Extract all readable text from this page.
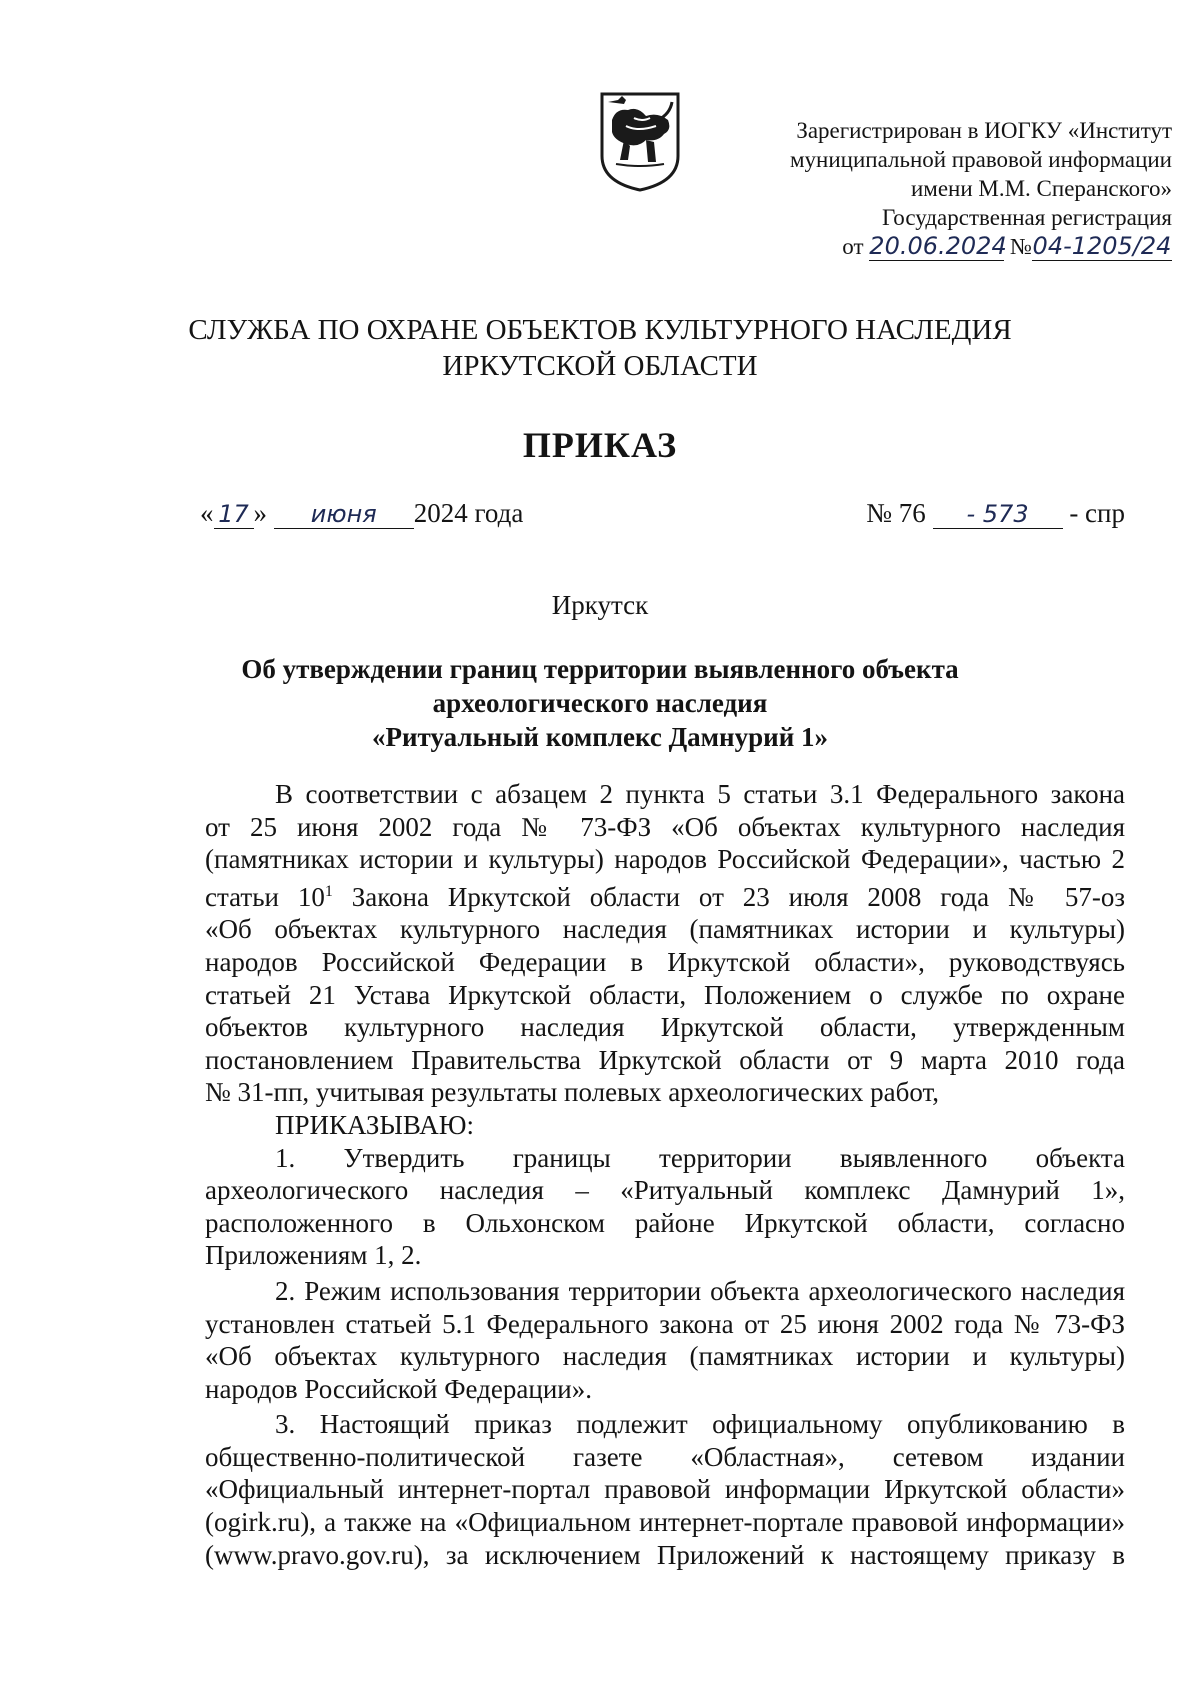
Зарегистрирован в ИОГКУ «Институт
муниципальной правовой информации
имени М.М. Сперанского»
Государственная регистрация
от 20.06.2024 №04-1205/24
СЛУЖБА ПО ОХРАНЕ ОБЪЕКТОВ КУЛЬТУРНОГО НАСЛЕДИЯ
ИРКУТСКОЙ ОБЛАСТИ
ПРИКАЗ
« 17 » июня 2024 года	№ 76 - 573 - спр
Иркутск
Об утверждении границ территории выявленного объекта
археологического наследия
«Ритуальный комплекс Дамнурий 1»
В соответствии с абзацем 2 пункта 5 статьи 3.1 Федерального закона
от 25 июня 2002 года № 73-ФЗ «Об объектах культурного наследия
(памятниках истории и культуры) народов Российской Федерации», частью 2
статьи $10^1$ Закона Иркутской области от 23 июля 2008 года № 57-оз
«Об объектах культурного наследия (памятниках истории и культуры)
народов Российской Федерации в Иркутской области», руководствуясь
статьей 21 Устава Иркутской области, Положением о службе по охране
объектов культурного наследия Иркутской области, утвержденным
постановлением Правительства Иркутской области от 9 марта 2010 года
№ 31-пп, учитывая результаты полевых археологических работ,
ПРИКАЗЫВАЮ:
1. Утвердить границы территории выявленного объекта
археологического наследия – «Ритуальный комплекс Дамнурий 1»,
расположенного в Ольхонском районе Иркутской области, согласно
Приложениям 1, 2.
2. Режим использования территории объекта археологического наследия
установлен статьей 5.1 Федерального закона от 25 июня 2002 года № 73-ФЗ
«Об объектах культурного наследия (памятниках истории и культуры)
народов Российской Федерации».
3. Настоящий приказ подлежит официальному опубликованию в
общественно-политической газете «Областная», сетевом издании
«Официальный интернет-портал правовой информации Иркутской области»
(ogirk.ru), а также на «Официальном интернет-портале правовой информации»
(www.pravo.gov.ru), за исключением Приложений к настоящему приказу в
